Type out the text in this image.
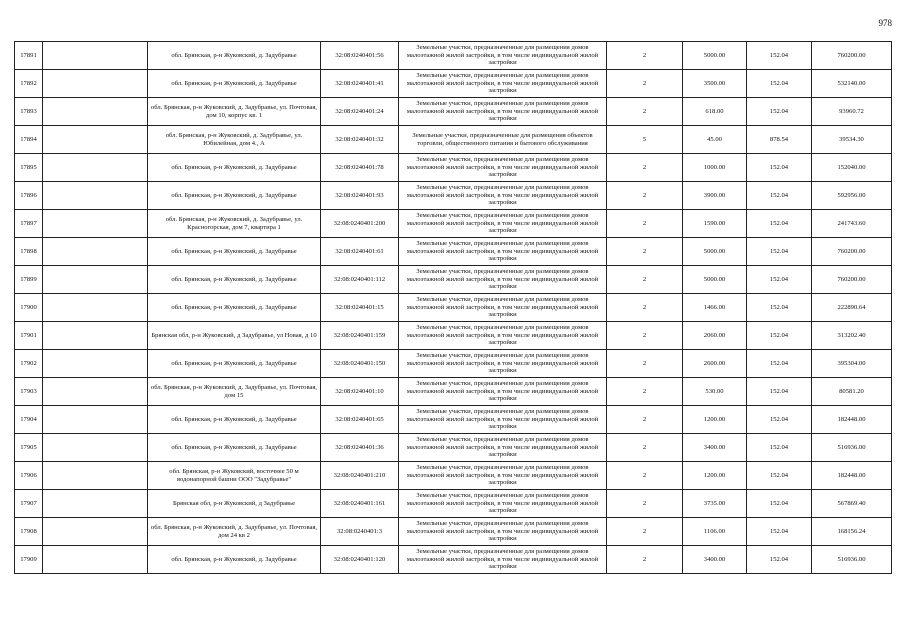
978
17891		обл. Брянская, р-н Жуковский, д. Задубравье	32:08:0240401:56	Земельные участки, предназначенные для размещения домов малоэтажной жилой застройки, в том числе индивидуальной жилой застройки	2	5000.00	152.04	760200.00
17892		обл. Брянская, р-н Жуковский, д. Задубравье	32:08:0240401:41	Земельные участки, предназначенные для размещения домов малоэтажной жилой застройки, в том числе индивидуальной жилой застройки	2	3500.00	152.04	532140.00
17893		обл. Брянская, р-н Жуковский, д. Задубравье, ул. Почтовая, дом 10, корпус кв. 1	32:08:0240401:24	Земельные участки, предназначенные для размещения домов малоэтажной жилой застройки, в том числе индивидуальной жилой застройки	2	618.00	152.04	93960.72
17894		обл. Брянская, р-н Жуковский, д. Задубравье, ул. Юбилейная, дом 4., А	32:08:0240401:32	Земельные участки, предназначенные для размещения объектов торговли, общественного питания и бытового обслуживания	5	45.00	878.54	39534.30
17895		обл. Брянская, р-н Жуковский, д. Задубравье	32:08:0240401:78	Земельные участки, предназначенные для размещения домов малоэтажной жилой застройки, в том числе индивидуальной жилой застройки	2	1000.00	152.04	152040.00
17896		обл. Брянская, р-н Жуковский, д. Задубравье	32:08:0240401:93	Земельные участки, предназначенные для размещения домов малоэтажной жилой застройки, в том числе индивидуальной жилой застройки	2	3900.00	152.04	592956.00
17897		обл. Брянская, р-н Жуковский, д. Задубравье, ул. Красногорская, дом 7, квартира 1	32:08:0240401:200	Земельные участки, предназначенные для размещения домов малоэтажной жилой застройки, в том числе индивидуальной жилой застройки	2	1590.00	152.04	241743.60
17898		обл. Брянская, р-н Жуковский, д. Задубравье	32:08:0240401:61	Земельные участки, предназначенные для размещения домов малоэтажной жилой застройки, в том числе индивидуальной жилой застройки	2	5000.00	152.04	760200.00
17899		обл. Брянская, р-н Жуковский, д. Задубравье	32:08:0240401:112	Земельные участки, предназначенные для размещения домов малоэтажной жилой застройки, в том числе индивидуальной жилой застройки	2	5000.00	152.04	760200.00
17900		обл. Брянская, р-н Жуковский, д. Задубравье	32:08:0240401:15	Земельные участки, предназначенные для размещения домов малоэтажной жилой застройки, в том числе индивидуальной жилой застройки	2	1466.00	152.04	222890.64
17901		Брянская обл, р-н Жуковский, д Задубравье, ул Новая, д 10	32:08:0240401:159	Земельные участки, предназначенные для размещения домов малоэтажной жилой застройки, в том числе индивидуальной жилой застройки	2	2060.00	152.04	313202.40
17902		обл. Брянская, р-н Жуковский, д. Задубравье	32:08:0240401:150	Земельные участки, предназначенные для размещения домов малоэтажной жилой застройки, в том числе индивидуальной жилой застройки	2	2600.00	152.04	395304.00
17903		обл. Брянская, р-н Жуковский, д. Задубравье, ул. Почтовая, дом 15	32:08:0240401:10	Земельные участки, предназначенные для размещения домов малоэтажной жилой застройки, в том числе индивидуальной жилой застройки	2	530.00	152.04	80581.20
17904		обл. Брянская, р-н Жуковский, д. Задубравье	32:08:0240401:65	Земельные участки, предназначенные для размещения домов малоэтажной жилой застройки, в том числе индивидуальной жилой застройки	2	1200.00	152.04	182448.00
17905		обл. Брянская, р-н Жуковский, д. Задубравье	32:08:0240401:36	Земельные участки, предназначенные для размещения домов малоэтажной жилой застройки, в том числе индивидуальной жилой застройки	2	3400.00	152.04	516936.00
17906		обл. Брянская, р-н Жуковский, восточнее 50 м водонапорной башни ООО "Задубравье"	32:08:0240401:210	Земельные участки, предназначенные для размещения домов малоэтажной жилой застройки, в том числе индивидуальной жилой застройки	2	1200.00	152.04	182448.00
17907		Брянская обл, р-н Жуковский, д Задубравье	32:08:0240401:161	Земельные участки, предназначенные для размещения домов малоэтажной жилой застройки, в том числе индивидуальной жилой застройки	2	3735.00	152.04	567869.40
17908		обл. Брянская, р-н Жуковский, д. Задубравье, ул. Почтовая, дом 24 кв 2	32:08:0240401:3	Земельные участки, предназначенные для размещения домов малоэтажной жилой застройки, в том числе индивидуальной жилой застройки	2	1106.00	152.04	168156.24
17909		обл. Брянская, р-н Жуковский, д. Задубравье	32:08:0240401:120	Земельные участки, предназначенные для размещения домов малоэтажной жилой застройки, в том числе индивидуальной жилой застройки	2	3400.00	152.04	516936.00
